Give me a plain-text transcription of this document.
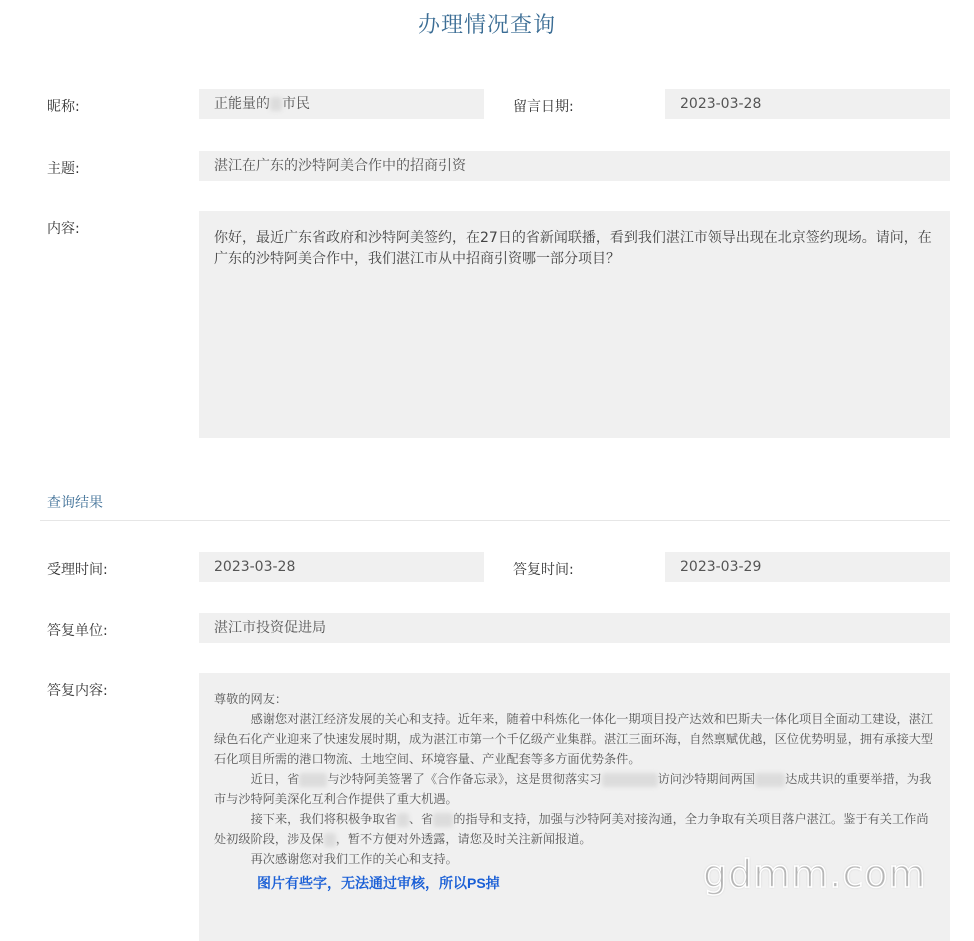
办理情况查询
昵称:	正能量的 市民	留言日期:	2023-03-28
主题:	湛江在广东的沙特阿美合作中的招商引资
内容:
你好，最近广东省政府和沙特阿美签约，在27日的省新闻联播，看到我们湛江市领导出现在北京签约现场。请问，在广东的沙特阿美合作中，我们湛江市从中招商引资哪一部分项目？
查询结果
受理时间:	2023-03-28	答复时间:	2023-03-29
答复单位:	湛江市投资促进局
答复内容:	尊敬的网友：

感谢您对湛江经济发展的关心和支持。近年来，随着中科炼化一体化一期项目投产达效和巴斯夫一体化项目全面动工建设，湛江绿色石化产业迎来了快速发展时期，成为湛江市第一个千亿级产业集群。湛江三面环海，自然禀赋优越，区位优势明显，拥有承接大型石化项目所需的港口物流、土地空间、环境容量、产业配套等多方面优势条件。

近日，省 与沙特阿美签署了《合作备忘录》，这是贯彻落实习	访问沙特期间两国 达成共识的重要举措，为我市与沙特阿美深化互利合作提供了重大机遇。

接下来，我们将积极争取省 、省 的指导和支持，加强与沙特阿美对接沟通，全力争取有关项目落户湛江。鉴于有关工作尚处初级阶段，涉及保 ，暂不方便对外透露，请您及时关注新闻报道。

再次感谢您对我们工作的关心和支持。

图片有些字，无法通过审核，所以PS掉	gdmm.com
